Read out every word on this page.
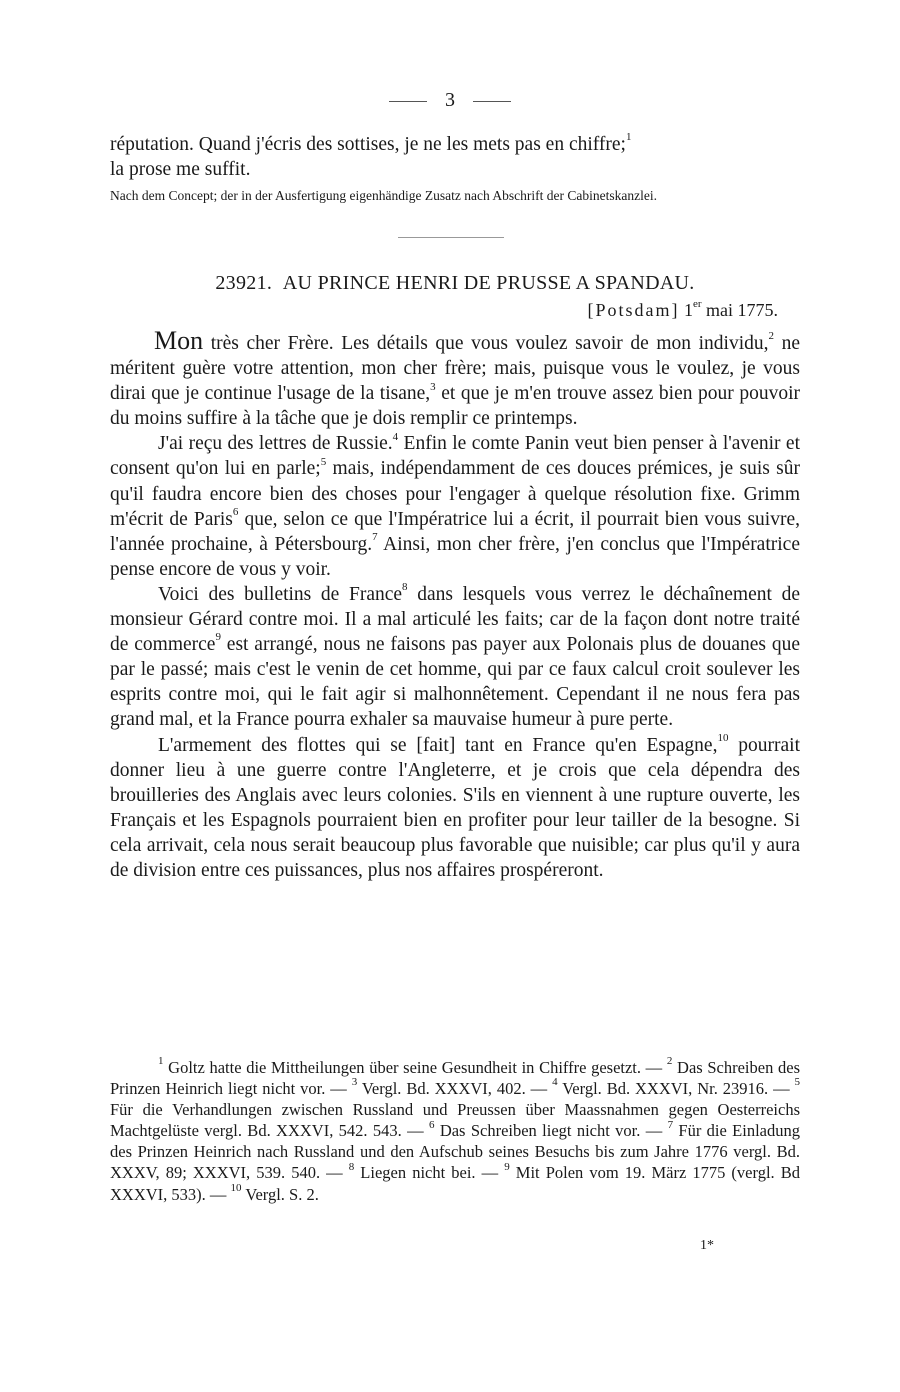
3

réputation. Quand j'écris des sottises, je ne les mets pas en chiffre;$^1$
la prose me suffit.

Nach dem Concept; der in der Ausfertigung eigenhändige Zusatz nach Abschrift der Cabinetskanzlei.
23921. AU PRINCE HENRI DE PRUSSE A SPANDAU.
[Potsdam] 1er mai 1775.

Mon très cher Frère. Les détails que vous voulez savoir de mon individu,$^2$ ne méritent guère votre attention, mon cher frère; mais, puisque vous le voulez, je vous dirai que je continue l'usage de la tisane,$^3$ et que je m'en trouve assez bien pour pouvoir du moins suffire à la tâche que je dois remplir ce printemps.

J'ai reçu des lettres de Russie.$^4$ Enfin le comte Panin veut bien penser à l'avenir et consent qu'on lui en parle;$^5$ mais, indépendamment de ces douces prémices, je suis sûr qu'il faudra encore bien des choses pour l'engager à quelque résolution fixe. Grimm m'écrit de Paris$^6$ que, selon ce que l'Impératrice lui a écrit, il pourrait bien vous suivre, l'année prochaine, à Pétersbourg.$^7$ Ainsi, mon cher frère, j'en conclus que l'Impératrice pense encore de vous y voir.

Voici des bulletins de France$^8$ dans lesquels vous verrez le déchaînement de monsieur Gérard contre moi. Il a mal articulé les faits; car de la façon dont notre traité de commerce$^9$ est arrangé, nous ne faisons pas payer aux Polonais plus de douanes que par le passé; mais c'est le venin de cet homme, qui par ce faux calcul croit soulever les esprits contre moi, qui le fait agir si malhonnêtement. Cependant il ne nous fera pas grand mal, et la France pourra exhaler sa mauvaise humeur à pure perte.

L'armement des flottes qui se [fait] tant en France qu'en Espagne,$^{10}$ pourrait donner lieu à une guerre contre l'Angleterre, et je crois que cela dépendra des brouilleries des Anglais avec leurs colonies. S'ils en viennent à une rupture ouverte, les Français et les Espagnols pourraient bien en profiter pour leur tailler de la besogne. Si cela arrivait, cela nous serait beaucoup plus favorable que nuisible; car plus qu'il y aura de division entre ces puissances, plus nos affaires prospéreront.

$^1$ Goltz hatte die Mittheilungen über seine Gesundheit in Chiffre gesetzt. — $^2$ Das Schreiben des Prinzen Heinrich liegt nicht vor. — $^3$ Vergl. Bd. XXXVI, 402. — $^4$ Vergl. Bd. XXXVI, Nr. 23916. — $^5$ Für die Verhandlungen zwischen Russland und Preussen über Maassnahmen gegen Oesterreichs Machtgelüste vergl. Bd. XXXVI, 542. 543. — $^6$ Das Schreiben liegt nicht vor. — $^7$ Für die Einladung des Prinzen Heinrich nach Russland und den Aufschub seines Besuchs bis zum Jahre 1776 vergl. Bd. XXXV, 89; XXXVI, 539. 540. — $^8$ Liegen nicht bei. — $^9$ Mit Polen vom 19. März 1775 (vergl. Bd XXXVI, 533). — $^{10}$ Vergl. S. 2.

1*
